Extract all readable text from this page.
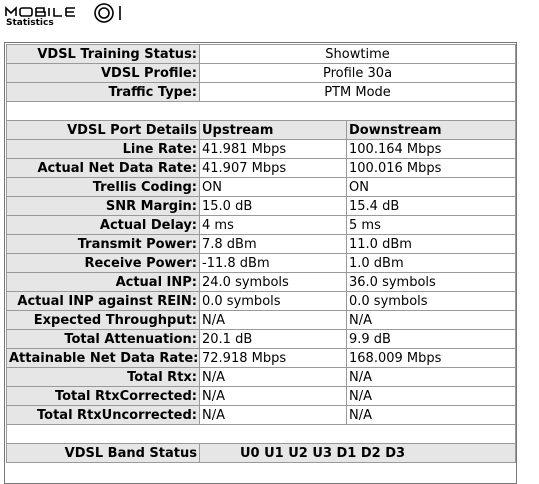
Statistics
VDSL Training Status:	Showtime	
VDSL Profile:	Profile 30a	
Traffic Type:	PTM Mode	

VDSL Port Details	Upstream	Downstream
Line Rate:	41.981 Mbps	100.164 Mbps
Actual Net Data Rate:	41.907 Mbps	100.016 Mbps
Trellis Coding:	ON	ON
SNR Margin:	15.0 dB	15.4 dB
Actual Delay:	4 ms	5 ms
Transmit Power:	7.8 dBm	11.0 dBm
Receive Power:	-11.8 dBm	1.0 dBm
Actual INP:	24.0 symbols	36.0 symbols
Actual INP against REIN:	0.0 symbols	0.0 symbols
Expected Throughput:	N/A	N/A
Total Attenuation:	20.1 dB	9.9 dB
Attainable Net Data Rate:	72.918 Mbps	168.009 Mbps
Total Rtx:	N/A	N/A
Total RtxCorrected:	N/A	N/A
Total RtxUncorrected:	N/A	N/A

VDSL Band Status	U0 U1 U2 U3 D1 D2 D3	
